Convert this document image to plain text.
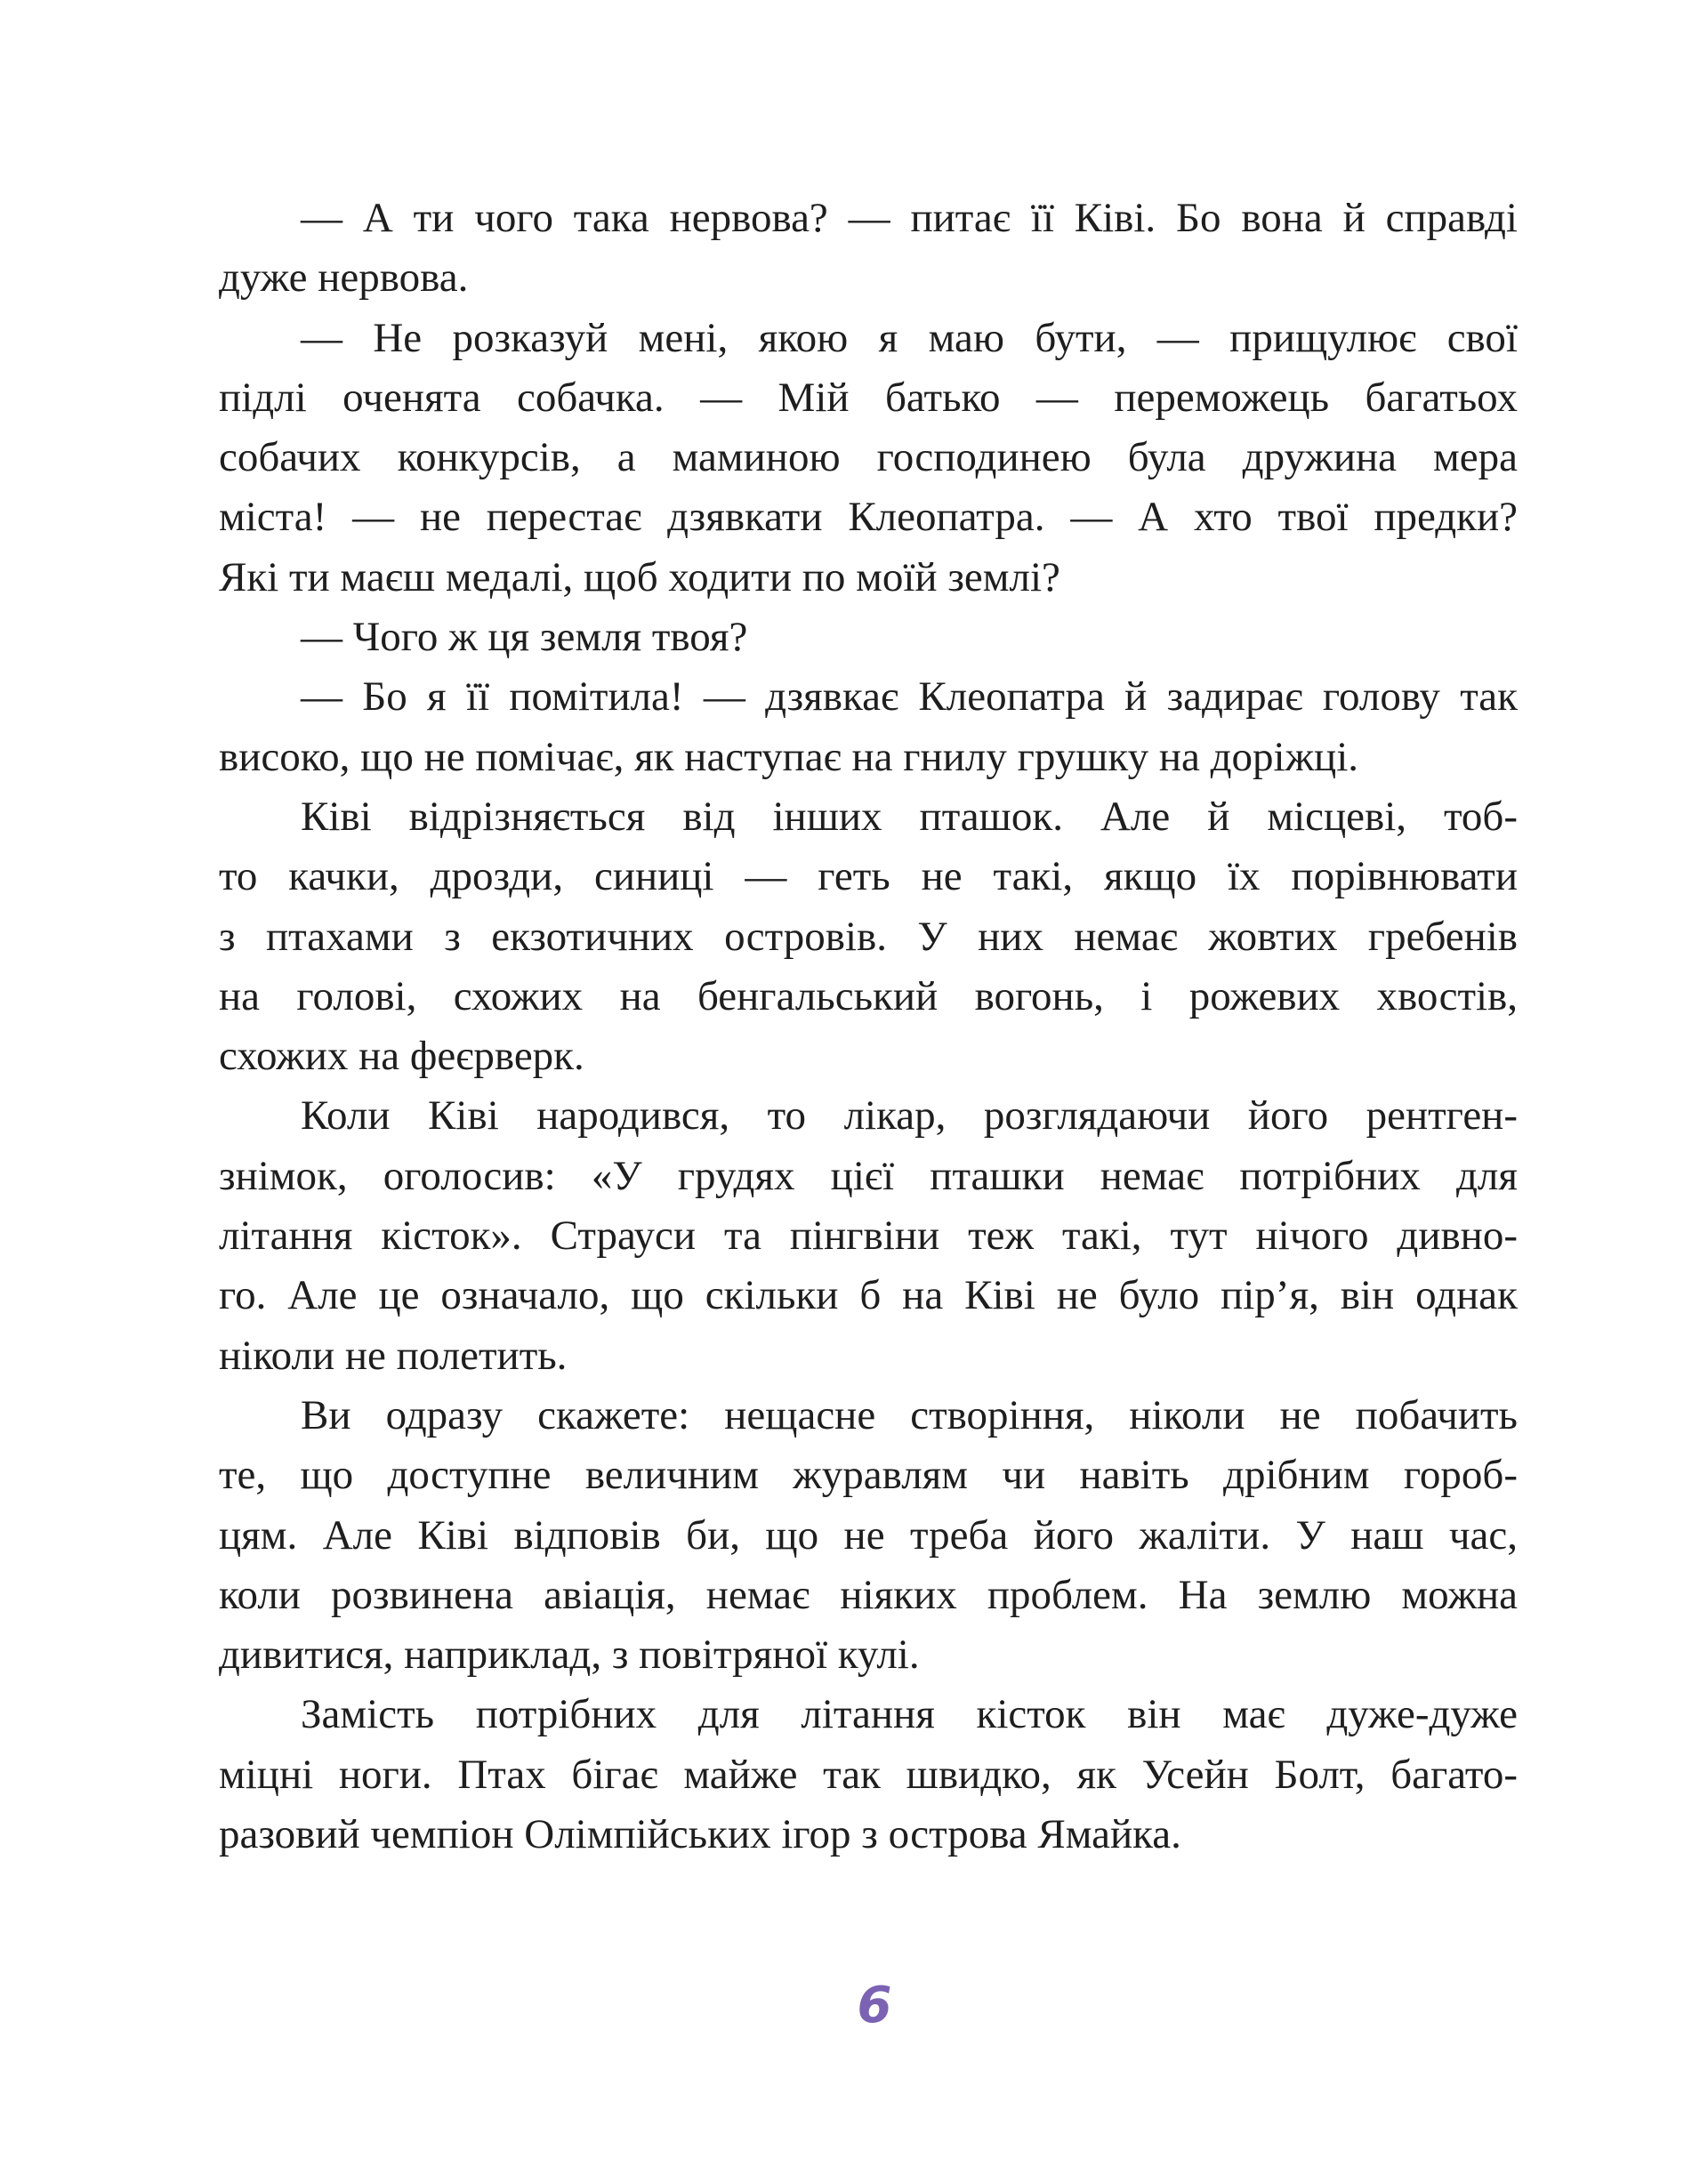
— А ти чого така нервова? — питає її Ківі. Бо вона й справді
дуже нервова.
— Не розказуй мені, якою я маю бути, — прищулює свої
підлі оченята собачка. — Мій батько — переможець багатьох
собачих конкурсів, а маминою господинею була дружина мера
міста! — не перестає дзявкати Клеопатра. — А хто твої предки?
Які ти маєш медалі, щоб ходити по моїй землі?
— Чого ж ця земля твоя?
— Бо я її помітила! — дзявкає Клеопатра й задирає голову так
високо, що не помічає, як наступає на гнилу грушку на доріжці.
Ківі відрізняється від інших пташок. Але й місцеві, тоб-
то качки, дрозди, синиці — геть не такі, якщо їх порівнювати
з птахами з екзотичних островів. У них немає жовтих гребенів
на голові, схожих на бенгальський вогонь, і рожевих хвостів,
схожих на феєрверк.
Коли Ківі народився, то лікар, розглядаючи його рентген-
знімок, оголосив: «У грудях цієї пташки немає потрібних для
літання кісток». Страуси та пінгвіни теж такі, тут нічого дивно-
го. Але це означало, що скільки б на Ківі не було пір’я, він однак
ніколи не полетить.
Ви одразу скажете: нещасне створіння, ніколи не побачить
те, що доступне величним журавлям чи навіть дрібним гороб-
цям. Але Ківі відповів би, що не треба його жаліти. У наш час,
коли розвинена авіація, немає ніяких проблем. На землю можна
дивитися, наприклад, з повітряної кулі.
Замість потрібних для літання кісток він має дуже-дуже
міцні ноги. Птах бігає майже так швидко, як Усейн Болт, багато-
разовий чемпіон Олімпійських ігор з острова Ямайка.
6
